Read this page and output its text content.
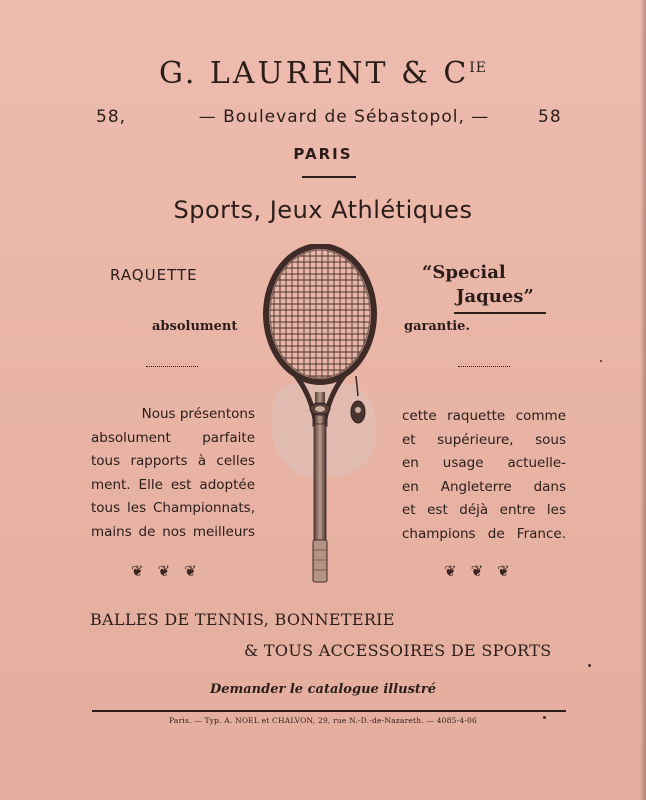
G. LAURENT & $C^{IE}$
58,	— Boulevard de Sébastopol, —	58
PARIS
Sports, Jeux Athlétiques
RAQUETTE	“Special
Jaques”
absolument	garantie.
Nous présentons
absolument parfaite
tous rapports à celles
ment. Elle est adoptée
tous les Championnats,
mains de nos meilleurs
cette raquette comme
et supérieure, sous
en usage actuelle-
en Angleterre dans
et est déjà entre les
champions de France.
❦❦❦	❦❦❦
BALLES DE TENNIS, BONNETERIE
& TOUS ACCESSOIRES DE SPORTS
Demander le catalogue illustré
Paris. — Typ. A. NOEL et CHALVON, 29, rue N.-D.-de-Nazareth. — 4085-4-06
